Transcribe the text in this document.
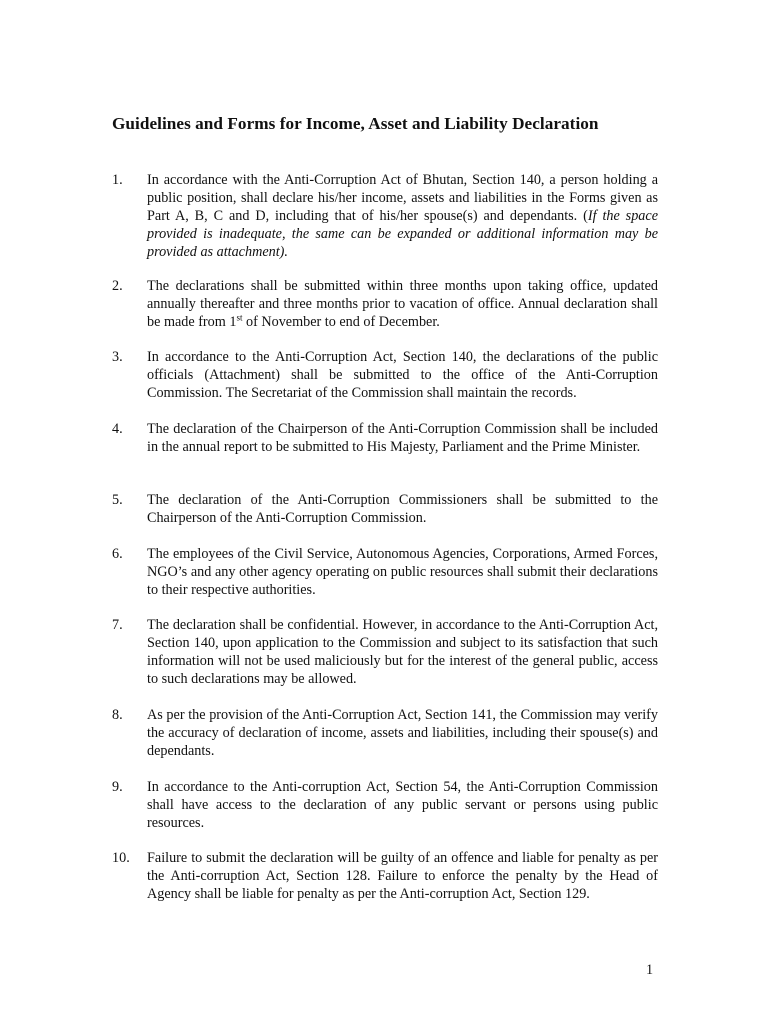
Guidelines and Forms for Income, Asset and Liability Declaration
1.	In accordance with the Anti-Corruption Act of Bhutan, Section 140, a person holding a public position, shall declare his/her income, assets and liabilities in the Forms given as Part A, B, C and D, including that of his/her spouse(s) and dependants. (If the space provided is inadequate, the same can be expanded or additional information may be provided as attachment).
2.	The declarations shall be submitted within three months upon taking office, updated annually thereafter and three months prior to vacation of office. Annual declaration shall be made from 1st of November to end of December.
3.	In accordance to the Anti-Corruption Act, Section 140, the declarations of the public officials (Attachment) shall be submitted to the office of the Anti-Corruption Commission. The Secretariat of the Commission shall maintain the records.
4.	The declaration of the Chairperson of the Anti-Corruption Commission shall be included in the annual report to be submitted to His Majesty, Parliament and the Prime Minister.
5.	The declaration of the Anti-Corruption Commissioners shall be submitted to the Chairperson of the Anti-Corruption Commission.
6.	The employees of the Civil Service, Autonomous Agencies, Corporations, Armed Forces, NGO’s and any other agency operating on public resources shall submit their declarations to their respective authorities.
7.	The declaration shall be confidential. However, in accordance to the Anti-Corruption Act, Section 140, upon application to the Commission and subject to its satisfaction that such information will not be used maliciously but for the interest of the general public, access to such declarations may be allowed.
8.	As per the provision of the Anti-Corruption Act, Section 141, the Commission may verify the accuracy of declaration of income, assets and liabilities, including their spouse(s) and dependants.
9.	In accordance to the Anti-corruption Act, Section 54, the Anti-Corruption Commission shall have access to the declaration of any public servant or persons using public resources.
10.	Failure to submit the declaration will be guilty of an offence and liable for penalty as per the Anti-corruption Act, Section 128. Failure to enforce the penalty by the Head of Agency shall be liable for penalty as per the Anti-corruption Act, Section 129.
1
